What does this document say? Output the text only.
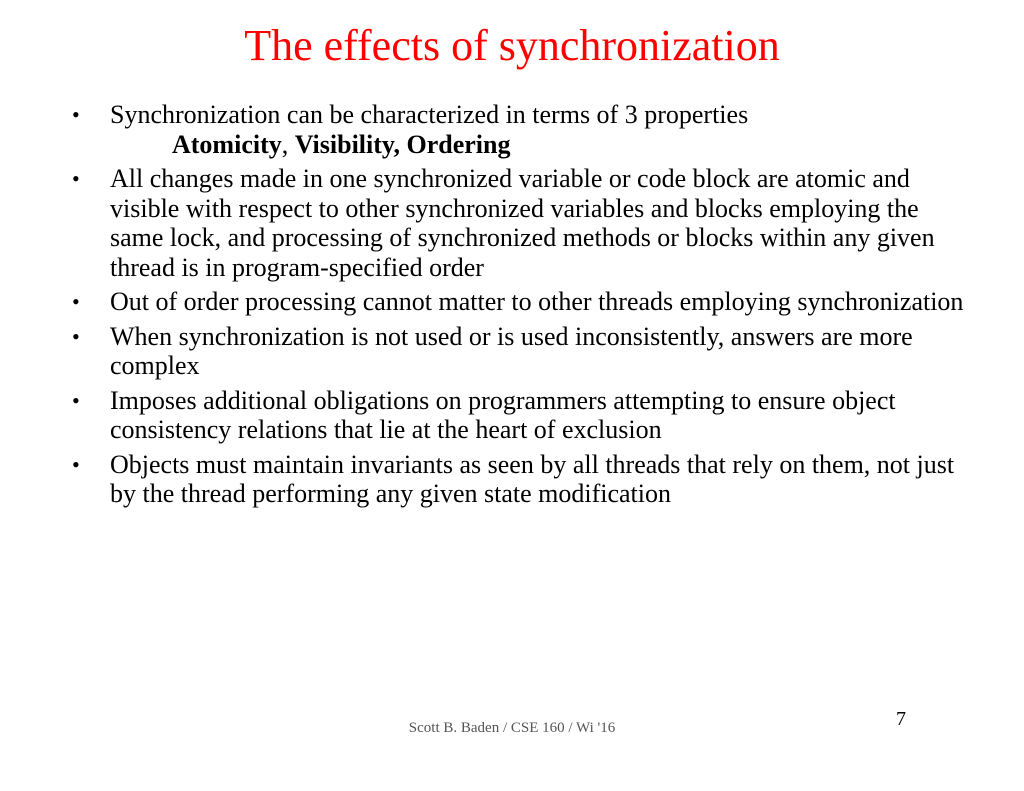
The effects of synchronization
•	Synchronization can be characterized in terms of 3 properties
Atomicity, Visibility, Ordering
•	All changes made in one synchronized variable or code block are atomic and visible with respect to other synchronized variables and blocks employing the same lock, and processing of synchronized methods or blocks within any given thread is in program-specified order
•	Out of order processing cannot matter to other threads employing synchronization
•	When synchronization is not used or is used inconsistently, answers are more complex
•	Imposes additional obligations on programmers attempting to ensure object consistency relations that lie at the heart of exclusion
•	Objects must maintain invariants as seen by all threads that rely on them, not just by the thread performing any given state modification
Scott B. Baden / CSE 160 / Wi '16	7
